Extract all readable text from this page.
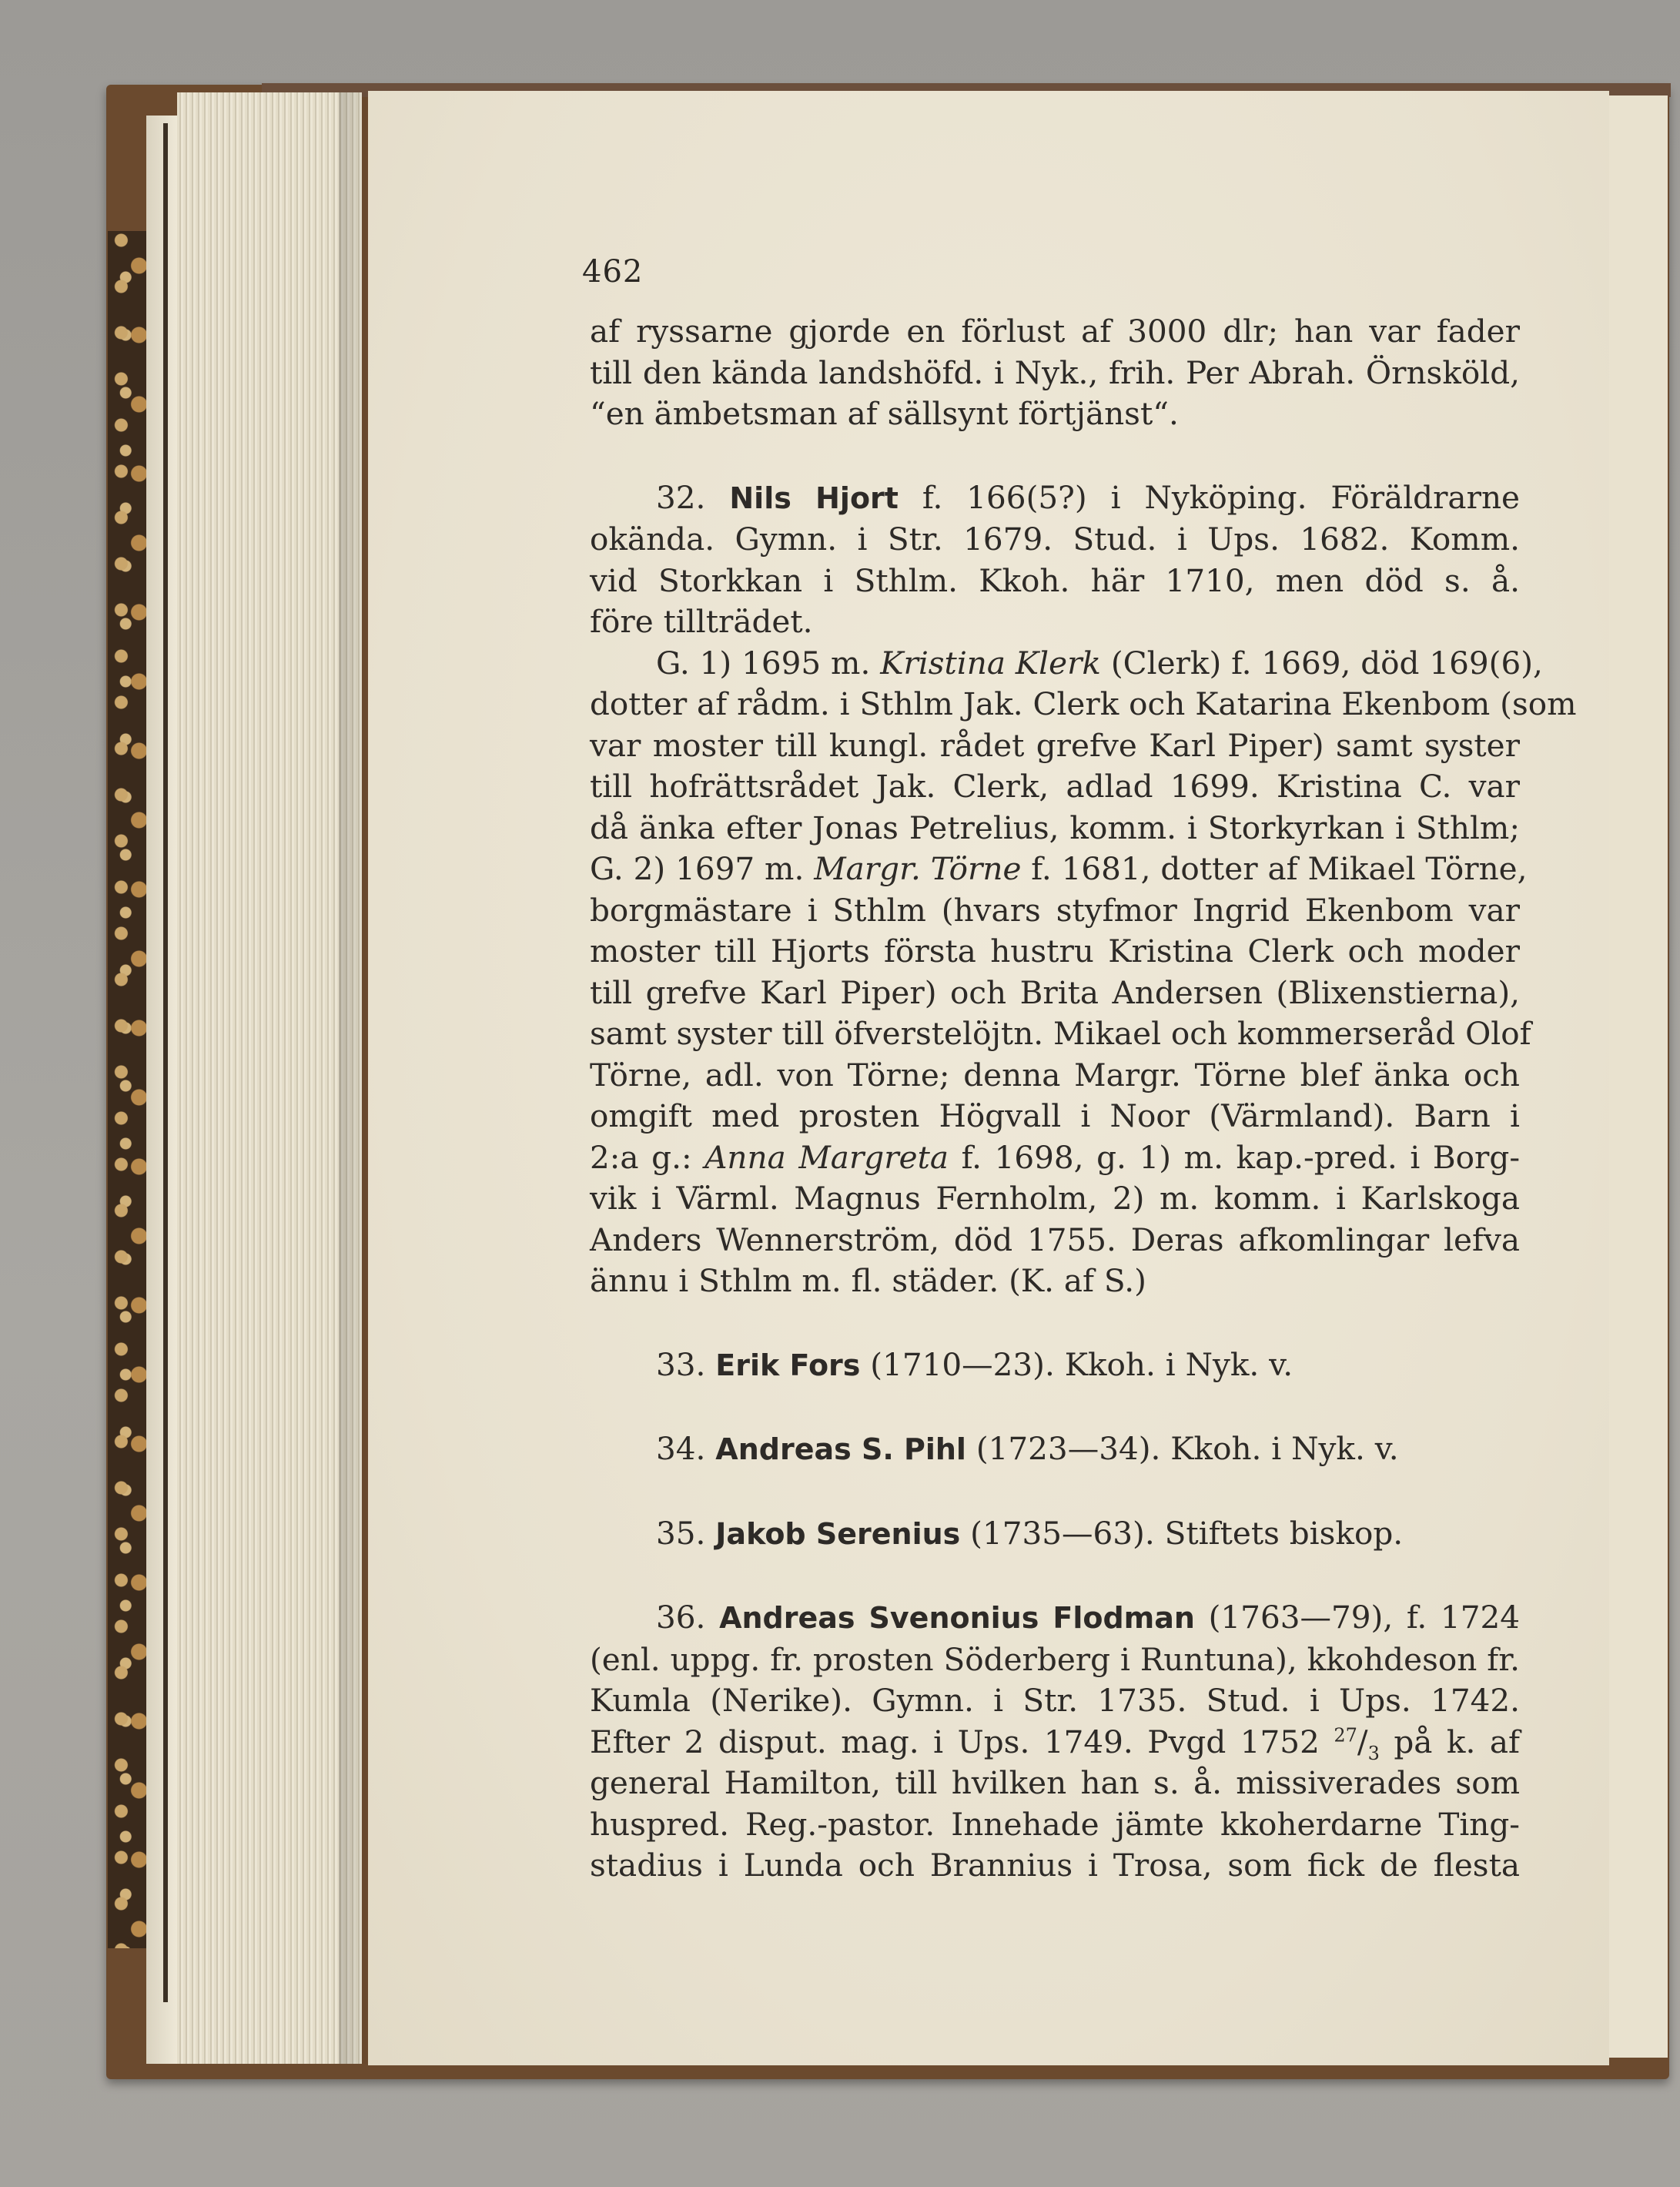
462
af ryssarne gjorde en förlust af 3000 dlr; han var fader
till den kända landshöfd. i Nyk., frih. Per Abrah. Örnsköld,
“en ämbetsman af sällsynt förtjänst“.
32. Nils Hjort f. 166(5?) i Nyköping. Föräldrarne
okända. Gymn. i Str. 1679. Stud. i Ups. 1682. Komm.
vid Storkkan i Sthlm. Kkoh. här 1710, men död s. å.
före tillträdet.
G. 1) 1695 m. Kristina Klerk (Clerk) f. 1669, död 169(6),
dotter af rådm. i Sthlm Jak. Clerk och Katarina Ekenbom (som
var moster till kungl. rådet grefve Karl Piper) samt syster
till hofrättsrådet Jak. Clerk, adlad 1699. Kristina C. var
då änka efter Jonas Petrelius, komm. i Storkyrkan i Sthlm;
G. 2) 1697 m. Margr. Törne f. 1681, dotter af Mikael Törne,
borgmästare i Sthlm (hvars styfmor Ingrid Ekenbom var
moster till Hjorts första hustru Kristina Clerk och moder
till grefve Karl Piper) och Brita Andersen (Blixenstierna),
samt syster till öfverstelöjtn. Mikael och kommerseråd Olof
Törne, adl. von Törne; denna Margr. Törne blef änka och
omgift med prosten Högvall i Noor (Värmland). Barn i
2:a g.: Anna Margreta f. 1698, g. 1) m. kap.-pred. i Borg-
vik i Värml. Magnus Fernholm, 2) m. komm. i Karlskoga
Anders Wennerström, död 1755. Deras afkomlingar lefva
ännu i Sthlm m. fl. städer. (K. af S.)
33. Erik Fors (1710—23). Kkoh. i Nyk. v.
34. Andreas S. Pihl (1723—34). Kkoh. i Nyk. v.
35. Jakob Serenius (1735—63). Stiftets biskop.
36. Andreas Svenonius Flodman (1763—79), f. 1724
(enl. uppg. fr. prosten Söderberg i Runtuna), kkohdeson fr.
Kumla (Nerike). Gymn. i Str. 1735. Stud. i Ups. 1742.
Efter 2 disput. mag. i Ups. 1749. Pvgd 1752 $^{27}/_3$ på k. af
general Hamilton, till hvilken han s. å. missiverades som
huspred. Reg.-pastor. Innehade jämte kkoherdarne Ting-
stadius i Lunda och Brannius i Trosa, som fick de flesta
